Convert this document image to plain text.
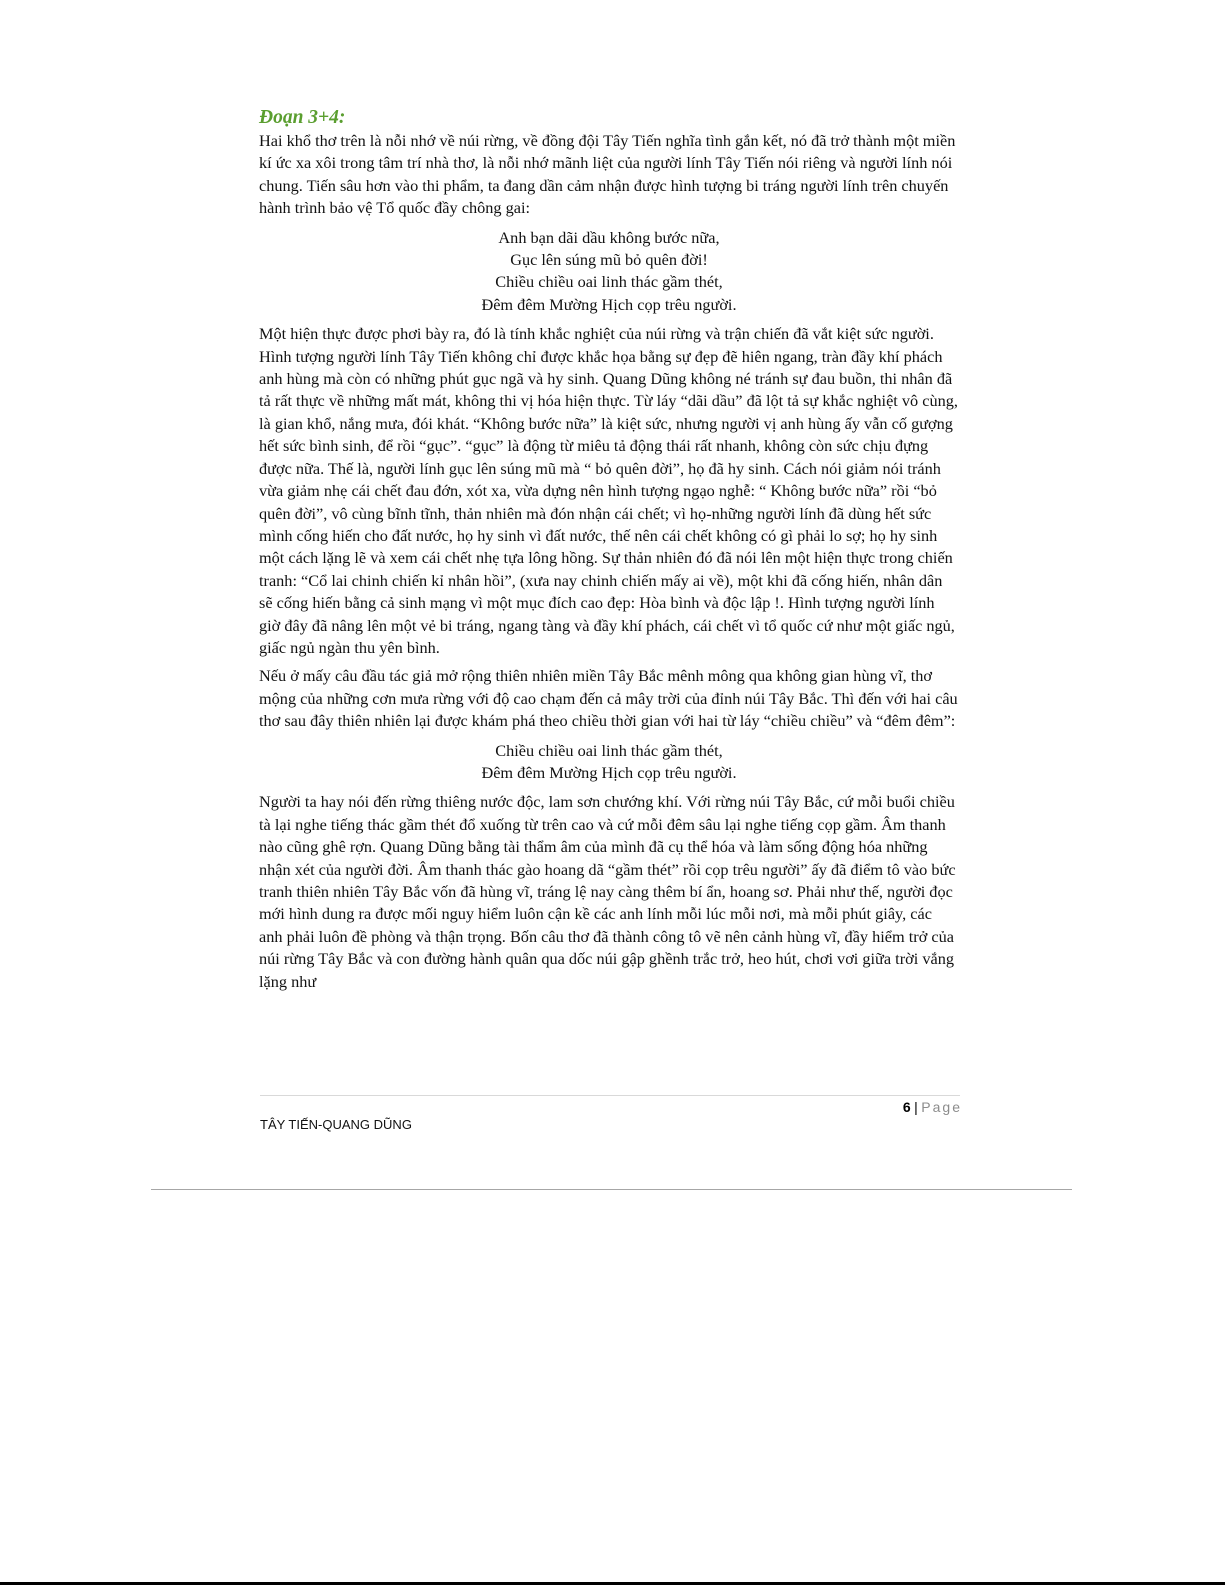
Đoạn 3+4:

Hai khổ thơ trên là nỗi nhớ về núi rừng, về đồng đội Tây Tiến nghĩa tình gắn kết, nó đã trở thành một miền kí ức xa xôi trong tâm trí nhà thơ, là nỗi nhớ mãnh liệt của người lính Tây Tiến nói riêng và người lính nói chung. Tiến sâu hơn vào thi phẩm, ta đang dần cảm nhận được hình tượng bi tráng người lính trên chuyến hành trình bảo vệ Tổ quốc đầy chông gai:

Anh bạn dãi dầu không bước nữa,
Gục lên súng mũ bỏ quên đời!
Chiều chiều oai linh thác gầm thét,
Đêm đêm Mường Hịch cọp trêu người.

Một hiện thực được phơi bày ra, đó là tính khắc nghiệt của núi rừng và trận chiến đã vắt kiệt sức người. Hình tượng người lính Tây Tiến không chỉ được khắc họa bằng sự đẹp đẽ hiên ngang, tràn đầy khí phách anh hùng mà còn có những phút gục ngã và hy sinh. Quang Dũng không né tránh sự đau buồn, thi nhân đã tả rất thực về những mất mát, không thi vị hóa hiện thực. Từ láy “dãi dầu” đã lột tả sự khắc nghiệt vô cùng, là gian khổ, nắng mưa, đói khát. “Không bước nữa” là kiệt sức, nhưng người vị anh hùng ấy vẫn cố gượng hết sức bình sinh, để rồi “gục”. “gục” là động từ miêu tả động thái rất nhanh, không còn sức chịu đựng được nữa. Thế là, người lính gục lên súng mũ mà “ bỏ quên đời”, họ đã hy sinh. Cách nói giảm nói tránh vừa giảm nhẹ cái chết đau đớn, xót xa, vừa dựng nên hình tượng ngạo nghễ: “ Không bước nữa” rồi “bỏ quên đời”, vô cùng bĩnh tĩnh, thản nhiên mà đón nhận cái chết; vì họ-những người lính đã dùng hết sức mình cống hiến cho đất nước, họ hy sinh vì đất nước, thế nên cái chết không có gì phải lo sợ; họ hy sinh một cách lặng lẽ và xem cái chết nhẹ tựa lông hồng. Sự thản nhiên đó đã nói lên một hiện thực trong chiến tranh: “Cổ lai chinh chiến kỉ nhân hồi”, (xưa nay chinh chiến mấy ai về), một khi đã cống hiến, nhân dân sẽ cống hiến bằng cả sinh mạng vì một mục đích cao đẹp: Hòa bình và độc lập !. Hình tượng người lính giờ đây đã nâng lên một vẻ bi tráng, ngang tàng và đầy khí phách, cái chết vì tổ quốc cứ như một giấc ngủ, giấc ngủ ngàn thu yên bình.

Nếu ở mấy câu đầu tác giả mở rộng thiên nhiên miền Tây Bắc mênh mông qua không gian hùng vĩ, thơ mộng của những cơn mưa rừng với độ cao chạm đến cả mây trời của đỉnh núi Tây Bắc. Thì đến với hai câu thơ sau đây thiên nhiên lại được khám phá theo chiều thời gian với hai từ láy “chiều chiều” và “đêm đêm”:

Chiều chiều oai linh thác gầm thét,
Đêm đêm Mường Hịch cọp trêu người.

Người ta hay nói đến rừng thiêng nước độc, lam sơn chướng khí. Với rừng núi Tây Bắc, cứ mỗi buổi chiều tà lại nghe tiếng thác gầm thét đổ xuống từ trên cao và cứ mỗi đêm sâu lại nghe tiếng cọp gầm. Âm thanh nào cũng ghê rợn. Quang Dũng bằng tài thẩm âm của mình đã cụ thể hóa và làm sống động hóa những nhận xét của người đời. Âm thanh thác gào hoang dã “gầm thét” rồi cọp trêu người” ấy đã điểm tô vào bức tranh thiên nhiên Tây Bắc vốn đã hùng vĩ, tráng lệ nay càng thêm bí ẩn, hoang sơ. Phải như thế, người đọc mới hình dung ra được mối nguy hiểm luôn cận kề các anh lính mỗi lúc mỗi nơi, mà mỗi phút giây, các anh phải luôn đề phòng và thận trọng. Bốn câu thơ đã thành công tô vẽ nên cảnh hùng vĩ, đầy hiểm trở của núi rừng Tây Bắc và con đường hành quân qua dốc núi gập ghềnh trắc trở, heo hút, chơi vơi giữa trời vắng lặng như

6 | Page
TÂY TIẾN-QUANG DŨNG
